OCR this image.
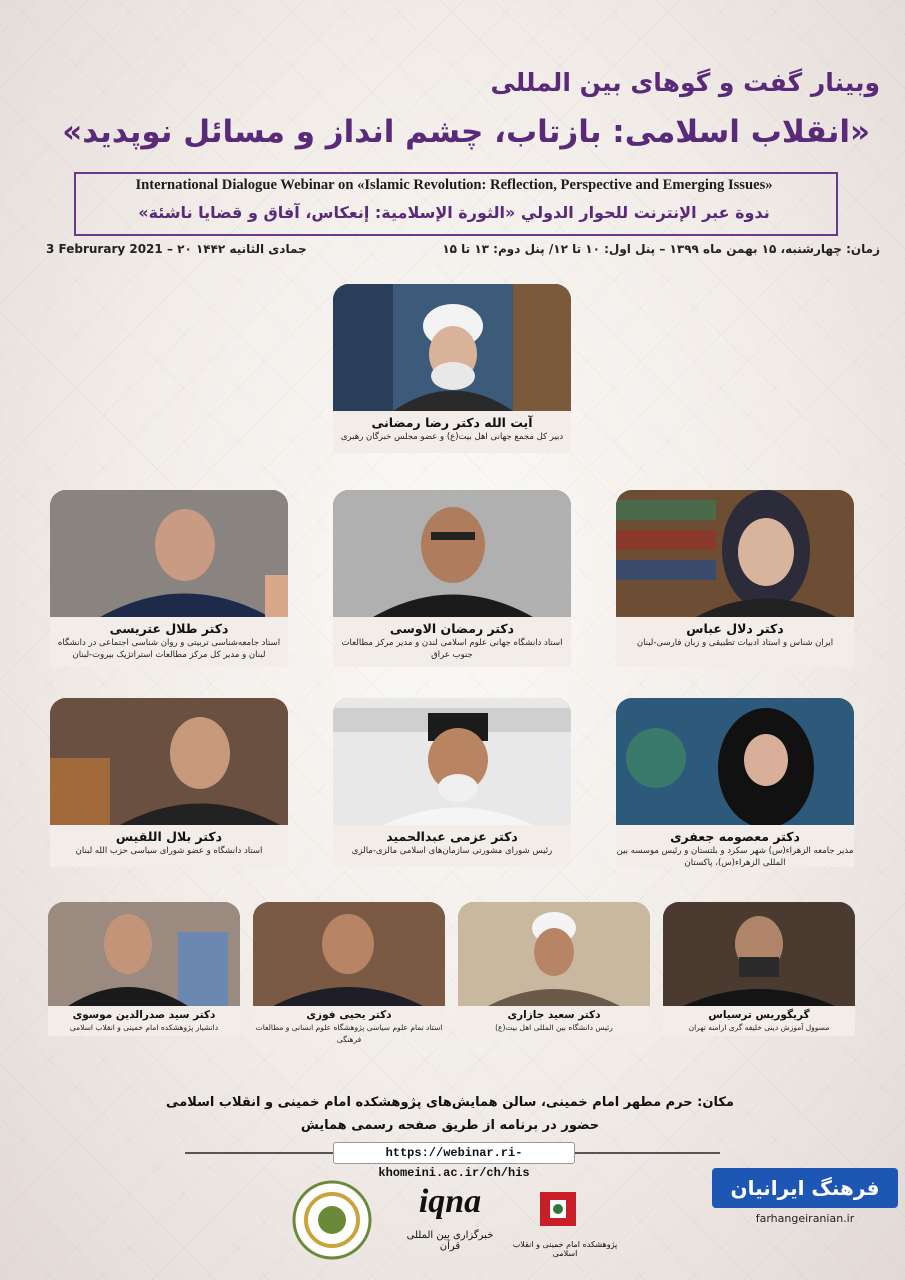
وبینار گفت و گوهای بین المللی
«انقلاب اسلامی: بازتاب، چشم انداز و مسائل نوپدید»
International Dialogue Webinar on «Islamic Revolution: Reflection, Perspective and Emerging Issues»
ندوة عبر الإنترنت للحوار الدولي «الثورة الإسلامية: إنعكاس، آفاق و قضايا ناشئة»
زمان: چهارشنبه، ۱۵ بهمن ماه ۱۳۹۹ – پنل اول: ۱۰ تا ۱۲/ پنل دوم: ۱۳ تا ۱۵
3 Februrary 2021 – ۲۰ جمادی الثانیه ۱۴۴۲
آیت الله دکتر رضا رمضانی
دبیر کل مجمع جهانی اهل بیت(ع) و عضو مجلس خبرگان رهبری
دکتر طلال عتریسی
استاد جامعه‌شناسی تربیتی و روان شناسی اجتماعی در دانشگاه لبنان و مدیر کل مرکز مطالعات استراتژیک بیروت-لبنان
دکتر رمضان الاوسی
استاد دانشگاه جهانی علوم اسلامی لندن و مدیر مرکز مطالعات جنوب عراق
دکتر دلال عباس
ایران شناس و استاد ادبیات تطبیقی و زبان فارسی-لبنان
دکتر بلال اللقیس
استاد دانشگاه و عضو شورای سیاسی حزب الله لبنان
دکتر عزمی عبدالحمید
رئیس شورای مشورتی سازمان‌های اسلامی مالزی-مالزی
دکتر معصومه جعفری
مدیر جامعه الزهراء(س) شهر سکرد و بلتستان و رئیس موسسه بین المللی الزهراء(س)، پاکستان
دکتر سید صدرالدین موسوی
دانشیار پژوهشکده امام خمینی و انقلاب اسلامی
دکتر یحیی فوزی
استاد تمام علوم سیاسی پژوهشگاه علوم انسانی و مطالعات فرهنگی
دکتر سعید جازاری
رئیس دانشگاه بین المللی اهل بیت(ع)
گریگوریس ترسیاس
مسوول آموزش دینی خلیفه گری ارامنه تهران
مکان: حرم مطهر امام خمینی، سالن همایش‌های پژوهشکده امام خمینی و انقلاب اسلامی
حضور در برنامه از طریق صفحه رسمی همایش
https://webinar.ri-khomeini.ac.ir/ch/his
iqna
خبرگزاری بین المللی قرآن	پژوهشکده امام خمینی و انقلاب اسلامی
فرهنگ ایرانیان
farhangeiranian.ir
